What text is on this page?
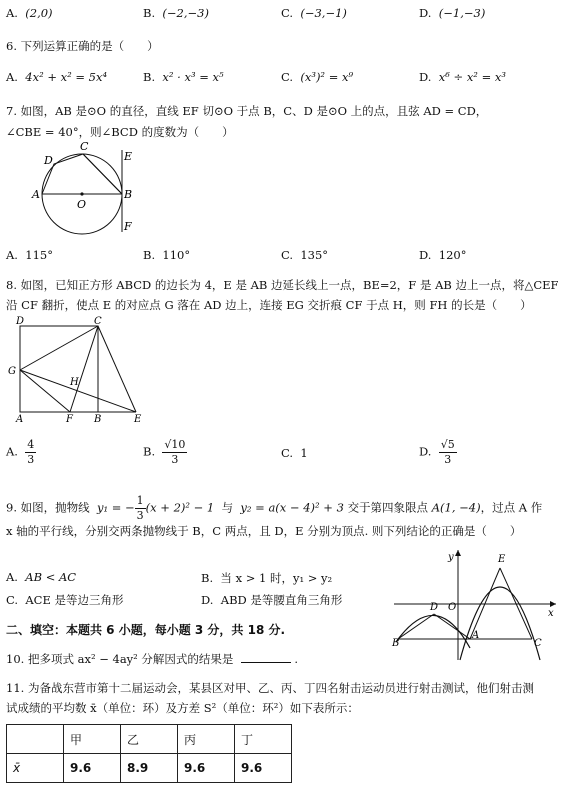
A. (2,0)	B. (−2,−3)	C. (−3,−1)	D. (−1,−3)
6. 下列运算正确的是（　　）
A. 4x² + x² = 5x⁴	B. x² · x³ = x⁵	C. (x³)² = x⁹	D. x⁶ ÷ x² = x³
7. 如图，AB 是⊙O 的直径，直线 EF 切⊙O 于点 B，C、D 是⊙O 上的点，且弦 AD = CD，
∠CBE = 40°，则∠BCD 的度数为（　　）
A	B
C
D	E
F
O
A. 115°	B. 110°	C. 135°	D. 120°
8. 如图，已知正方形 ABCD 的边长为 4，E 是 AB 边延长线上一点，BE=2，F 是 AB 边上一点，将△CEF
沿 CF 翻折，使点 E 的对应点 G 落在 AD 边上，连接 EG 交折痕 CF 于点 H，则 FH 的长是（　　）
D	C
G
H
A	F B	E
A. $\frac{4}{3}$	B. $\frac{√10}{3}$	C. 1	D. $\frac{√5}{3}$
9. 如图，抛物线 y₁ = − $\frac{1}{3} (x + 2)^2 - 1$ 与 y₂ = a(x − 4)² + 3 交于第四象限点 A(1, −4)，过点 A 作
x 轴的平行线，分别交两条抛物线于 B，C 两点，且 D，E 分别为顶点. 则下列结论的正确是（　　）
A. AB < AC	B. 当 x > 1 时，y₁ > y₂
C. ACE 是等边三角形	D. ABD 是等腰直角三角形
y
x
E
D O
B
A
C
二、填空：本题共 6 小题，每小题 3 分，共 18 分.
10. 把多项式 ax² − 4ay² 分解因式的结果是	.
11. 为备战东营市第十二届运动会，某县区对甲、乙、丙、丁四名射击运动员进行射击测试，他们射击测
试成绩的平均数 x̄（单位：环）及方差 S²（单位：环²）如下表所示：
	甲	乙	丙	丁
x̄	9.6	8.9	9.6	9.6
